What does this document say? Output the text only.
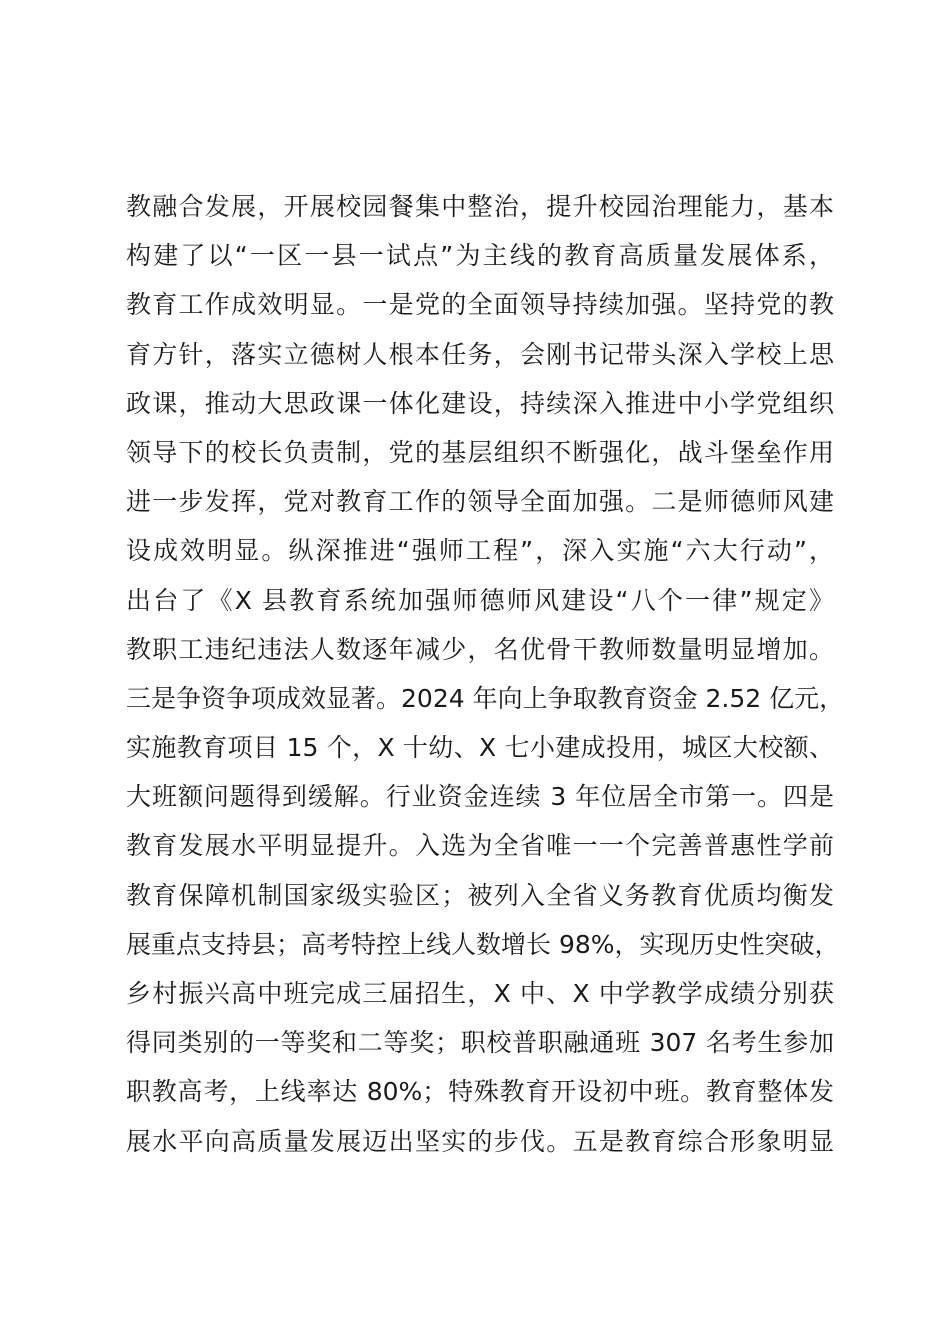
教融合发展，开展校园餐集中整治，提升校园治理能力，基本
构建了以“一区一县一试点”为主线的教育高质量发展体系，
教育工作成效明显。一是党的全面领导持续加强。坚持党的教
育方针，落实立德树人根本任务，会刚书记带头深入学校上思
政课，推动大思政课一体化建设，持续深入推进中小学党组织
领导下的校长负责制，党的基层组织不断强化，战斗堡垒作用
进一步发挥，党对教育工作的领导全面加强。二是师德师风建
设成效明显。纵深推进“强师工程”，深入实施“六大行动”，
出台了《X 县教育系统加强师德师风建设“八个一律”规定》
教职工违纪违法人数逐年减少，名优骨干教师数量明显增加。
三是争资争项成效显著。2024 年向上争取教育资金 2.52 亿元，
实施教育项目 15 个，X 十幼、X 七小建成投用，城区大校额、
大班额问题得到缓解。行业资金连续 3 年位居全市第一。四是
教育发展水平明显提升。入选为全省唯一一个完善普惠性学前
教育保障机制国家级实验区；被列入全省义务教育优质均衡发
展重点支持县；高考特控上线人数增长 98%，实现历史性突破，
乡村振兴高中班完成三届招生，X 中、X 中学教学成绩分别获
得同类别的一等奖和二等奖；职校普职融通班 307 名考生参加
职教高考，上线率达 80%；特殊教育开设初中班。教育整体发
展水平向高质量发展迈出坚实的步伐。五是教育综合形象明显
